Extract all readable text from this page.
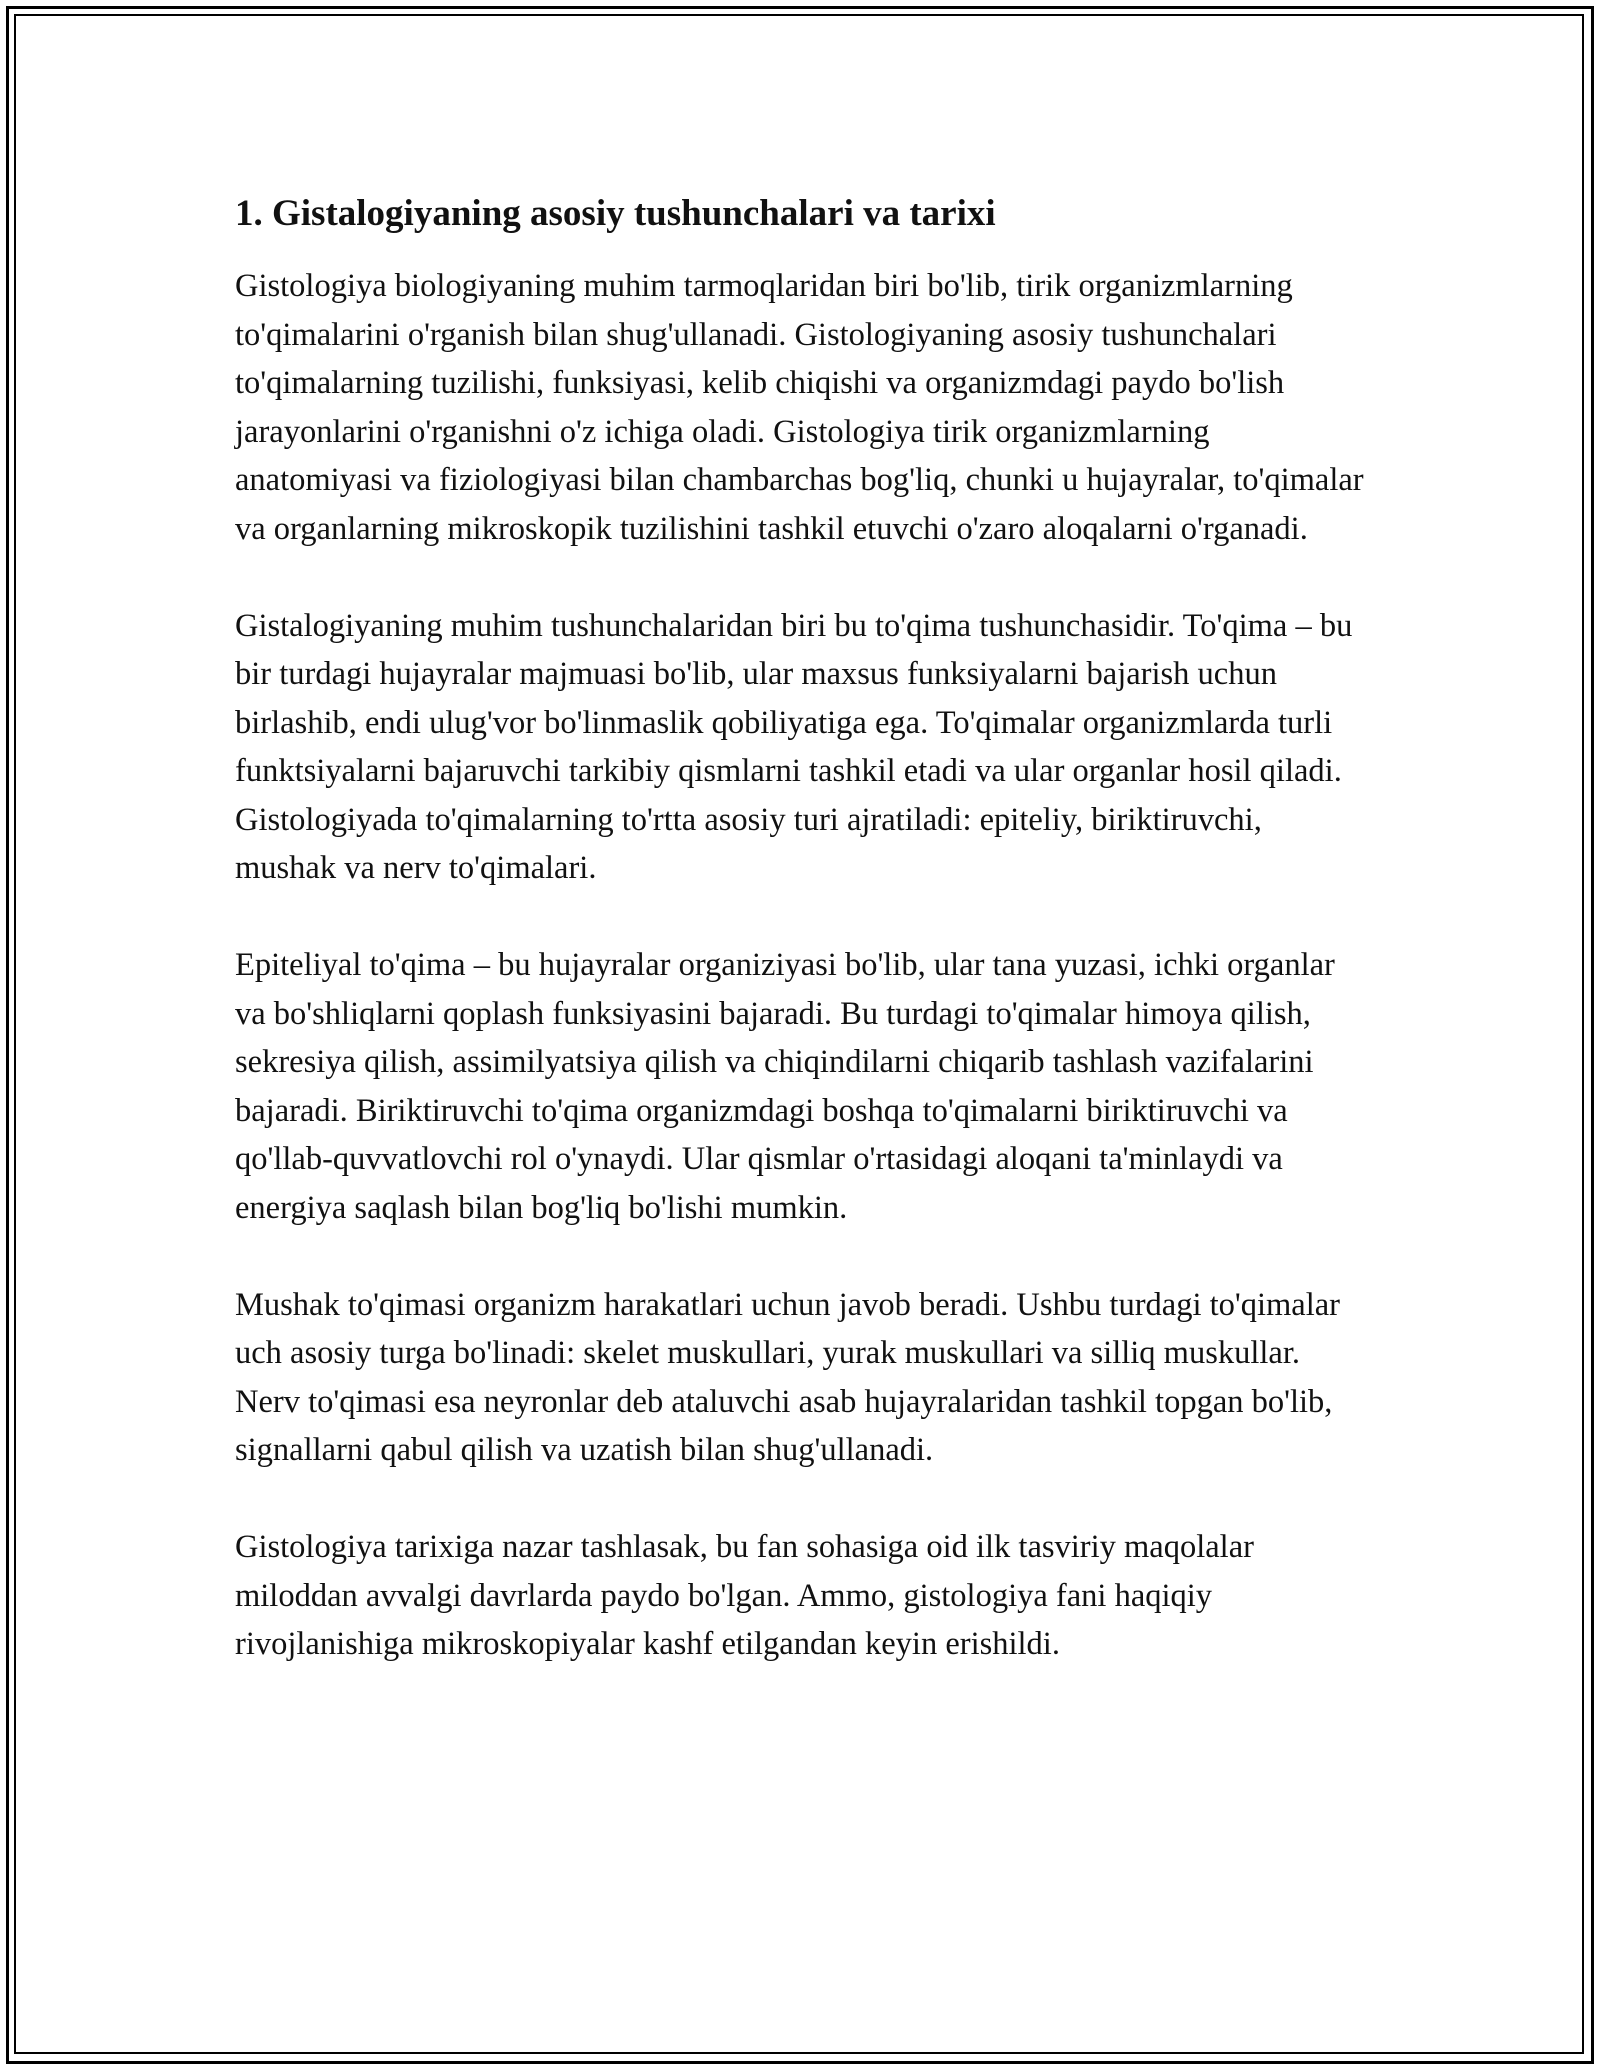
1. Gistalogiyaning asosiy tushunchalari va tarixi

Gistologiya biologiyaning muhim tarmoqlaridan biri bo'lib, tirik organizmlarning to'qimalarini o'rganish bilan shug'ullanadi. Gistologiyaning asosiy tushunchalari to'qimalarning tuzilishi, funksiyasi, kelib chiqishi va organizmdagi paydo bo'lish jarayonlarini o'rganishni o'z ichiga oladi. Gistologiya tirik organizmlarning anatomiyasi va fiziologiyasi bilan chambarchas bog'liq, chunki u hujayralar, to'qimalar va organlarning mikroskopik tuzilishini tashkil etuvchi o'zaro aloqalarni o'rganadi.

Gistalogiyaning muhim tushunchalaridan biri bu to'qima tushunchasidir. To'qima – bu bir turdagi hujayralar majmuasi bo'lib, ular maxsus funksiyalarni bajarish uchun birlashib, endi ulug'vor bo'linmaslik qobiliyatiga ega. To'qimalar organizmlarda turli funktsiyalarni bajaruvchi tarkibiy qismlarni tashkil etadi va ular organlar hosil qiladi. Gistologiyada to'qimalarning to'rtta asosiy turi ajratiladi: epiteliy, biriktiruvchi, mushak va nerv to'qimalari.

Epiteliyal to'qima – bu hujayralar organiziyasi bo'lib, ular tana yuzasi, ichki organlar va bo'shliqlarni qoplash funksiyasini bajaradi. Bu turdagi to'qimalar himoya qilish, sekresiya qilish, assimilyatsiya qilish va chiqindilarni chiqarib tashlash vazifalarini bajaradi. Biriktiruvchi to'qima organizmdagi boshqa to'qimalarni biriktiruvchi va qo'llab-quvvatlovchi rol o'ynaydi. Ular qismlar o'rtasidagi aloqani ta'minlaydi va energiya saqlash bilan bog'liq bo'lishi mumkin.

Mushak to'qimasi organizm harakatlari uchun javob beradi. Ushbu turdagi to'qimalar uch asosiy turga bo'linadi: skelet muskullari, yurak muskullari va silliq muskullar. Nerv to'qimasi esa neyronlar deb ataluvchi asab hujayralaridan tashkil topgan bo'lib, signallarni qabul qilish va uzatish bilan shug'ullanadi.

Gistologiya tarixiga nazar tashlasak, bu fan sohasiga oid ilk tasviriy maqolalar miloddan avvalgi davrlarda paydo bo'lgan. Ammo, gistologiya fani haqiqiy rivojlanishiga mikroskopiyalar kashf etilgandan keyin erishildi.
